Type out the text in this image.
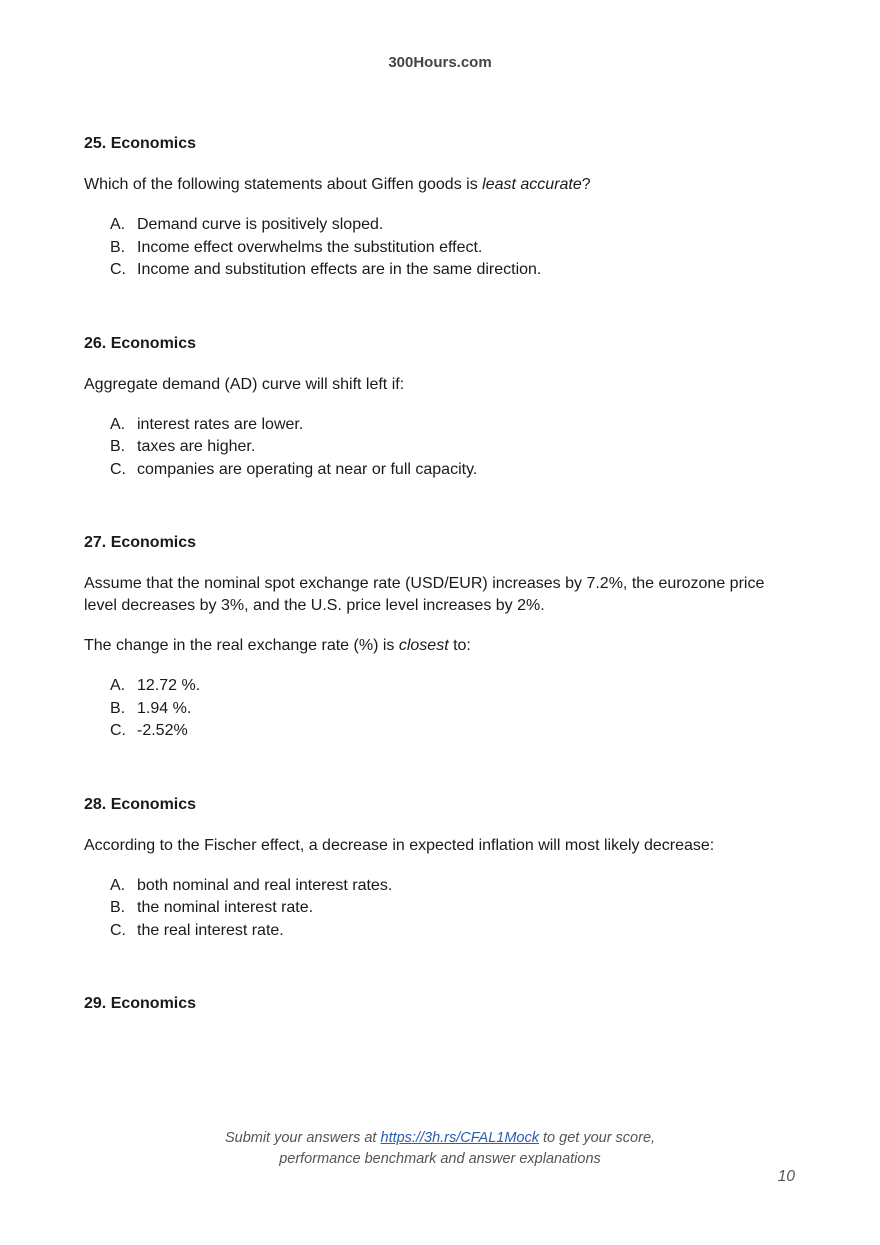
300Hours.com
25. Economics

Which of the following statements about Giffen goods is least accurate?

A. Demand curve is positively sloped.
B. Income effect overwhelms the substitution effect.
C. Income and substitution effects are in the same direction.
26. Economics

Aggregate demand (AD) curve will shift left if:

A. interest rates are lower.
B. taxes are higher.
C. companies are operating at near or full capacity.
27. Economics

Assume that the nominal spot exchange rate (USD/EUR) increases by 7.2%, the eurozone price level decreases by 3%, and the U.S. price level increases by 2%.

The change in the real exchange rate (%) is closest to:

A. 12.72 %.
B. 1.94 %.
C. -2.52%
28. Economics

According to the Fischer effect, a decrease in expected inflation will most likely decrease:

A. both nominal and real interest rates.
B. the nominal interest rate.
C. the real interest rate.
29. Economics
Submit your answers at https://3h.rs/CFAL1Mock to get your score,
performance benchmark and answer explanations
10
